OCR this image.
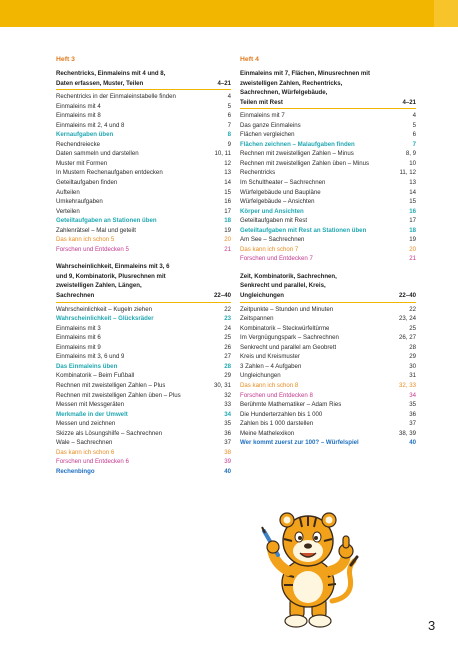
Heft 3
Rechentricks, Einmaleins mit 4 und 8,
Daten erfassen, Muster, Teilen	4–21
Rechentricks in der Einmaleinstabelle finden	4
Einmaleins mit 4	5
Einmaleins mit 8	6
Einmaleins mit 2, 4 und 8	7
Kernaufgaben üben	8
Rechendreiecke	9
Daten sammeln und darstellen	10, 11
Muster mit Formen	12
In Mustern Rechenaufgaben entdecken	13
Geteiltaufgaben finden	14
Aufteilen	15
Umkehraufgaben	16
Verteilen	17
Geteiltaufgaben an Stationen üben	18
Zahlenrätsel – Mal und geteilt	19
Das kann ich schon 5	20
Forschen und Entdecken 5	21
Wahrscheinlichkeit, Einmaleins mit 3, 6
und 9, Kombinatorik, Plusrechnen mit
zweistelligen Zahlen, Längen,
Sachrechnen	22–40
Wahrscheinlichkeit – Kugeln ziehen	22
Wahrscheinlichkeit – Glücksräder	23
Einmaleins mit 3	24
Einmaleins mit 6	25
Einmaleins mit 9	26
Einmaleins mit 3, 6 und 9	27
Das Einmaleins üben	28
Kombinatorik – Beim Fußball	29
Rechnen mit zweistelligen Zahlen – Plus	30, 31
Rechnen mit zweistelligen Zahlen üben – Plus	32
Messen mit Messgeräten	33
Merkmaße in der Umwelt	34
Messen und zeichnen	35
Skizze als Lösungshilfe – Sachrechnen	36
Wale – Sachrechnen	37
Das kann ich schon 6	38
Forschen und Entdecken 6	39
Rechenbingo	40
Heft 4
Einmaleins mit 7, Flächen, Minusrechnen mit
zweistelligen Zahlen, Rechentricks,
Sachrechnen, Würfelgebäude,
Teilen mit Rest	4–21
Einmaleins mit 7	4
Das ganze Einmaleins	5
Flächen vergleichen	6
Flächen zeichnen – Malaufgaben finden	7
Rechnen mit zweistelligen Zahlen – Minus	8, 9
Rechnen mit zweistelligen Zahlen üben – Minus	10
Rechentricks	11, 12
Im Schultheater – Sachrechnen	13
Würfelgebäude und Baupläne	14
Würfelgebäude – Ansichten	15
Körper und Ansichten	16
Geteiltaufgaben mit Rest	17
Geteiltaufgaben mit Rest an Stationen üben	18
Am See – Sachrechnen	19
Das kann ich schon 7	20
Forschen und Entdecken 7	21
Zeit, Kombinatorik, Sachrechnen,
Senkrecht und parallel, Kreis,
Ungleichungen	22–40
Zeitpunkte – Stunden und Minuten	22
Zeitspannen	23, 24
Kombinatorik – Steckwürfeltürme	25
Im Vergnügungspark – Sachrechnen	26, 27
Senkrecht und parallel am Geobrett	28
Kreis und Kreismuster	29
3 Zahlen – 4 Aufgaben	30
Ungleichungen	31
Das kann ich schon 8	32, 33
Forschen und Entdecken 8	34
Berühmte Mathematiker – Adam Ries	35
Die Hunderterzahlen bis 1 000	36
Zahlen bis 1 000 darstellen	37
Meine Mathelexikon	38, 39
Wer kommt zuerst zur 100? – Würfelspiel	40
3
